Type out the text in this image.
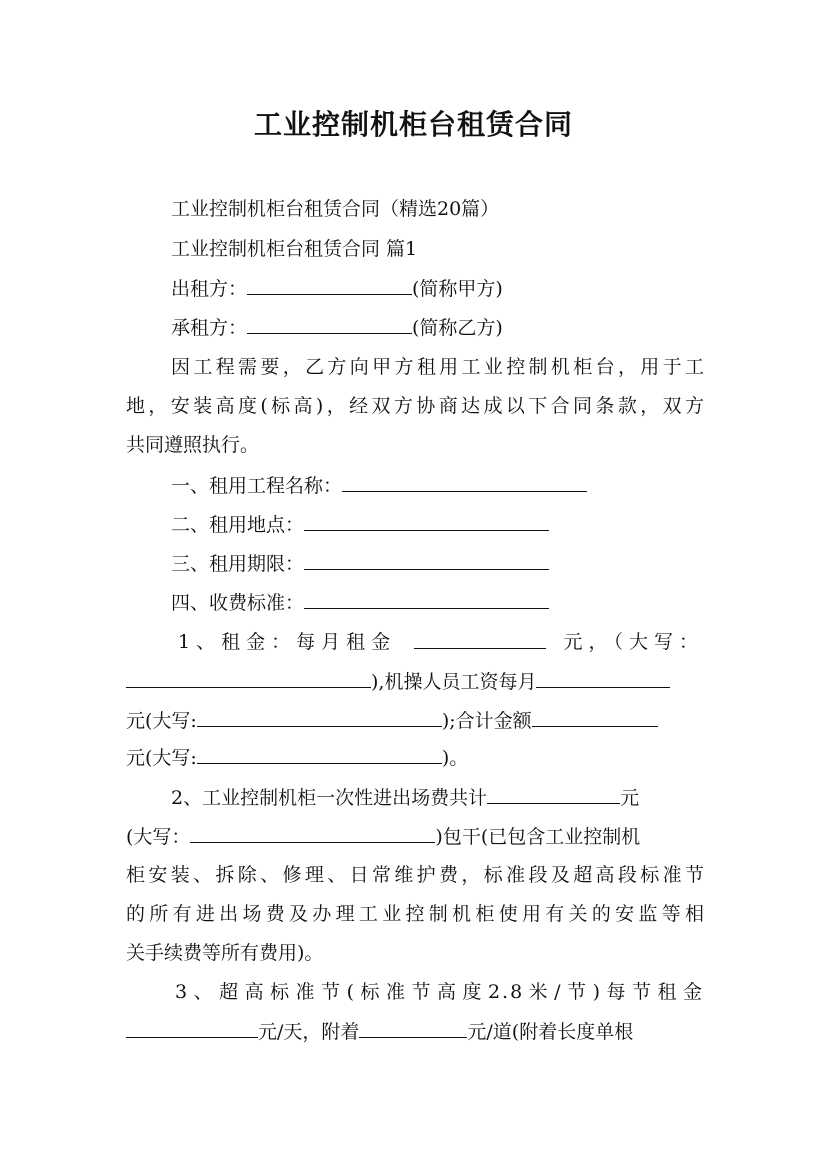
工业控制机柜台租赁合同
工业控制机柜台租赁合同（精选20篇）
工业控制机柜台租赁合同 篇1
出租方：	(简称甲方)
承租方：	(简称乙方)
因工程需要，乙方向甲方租用工业控制机柜台，用于工
地，安装高度(标高)，经双方协商达成以下合同条款，双方
共同遵照执行。
一、租用工程名称：
二、租用地点：
三、租用期限：
四、收费标准：
1、租金：每月租金	元，（大写：
),机操人员工资每月
元(大写:	);合计金额
元(大写:	)。
2、工业控制机柜一次性进出场费共计	元
(大写：	)包干(已包含工业控制机
柜安装、拆除、修理、日常维护费，标准段及超高段标准节
的所有进出场费及办理工业控制机柜使用有关的安监等相
关手续费等所有费用)。
3、超高标准节(标准节高度2.8米/节)每节租金
元/天，附着	元/道(附着长度单根
